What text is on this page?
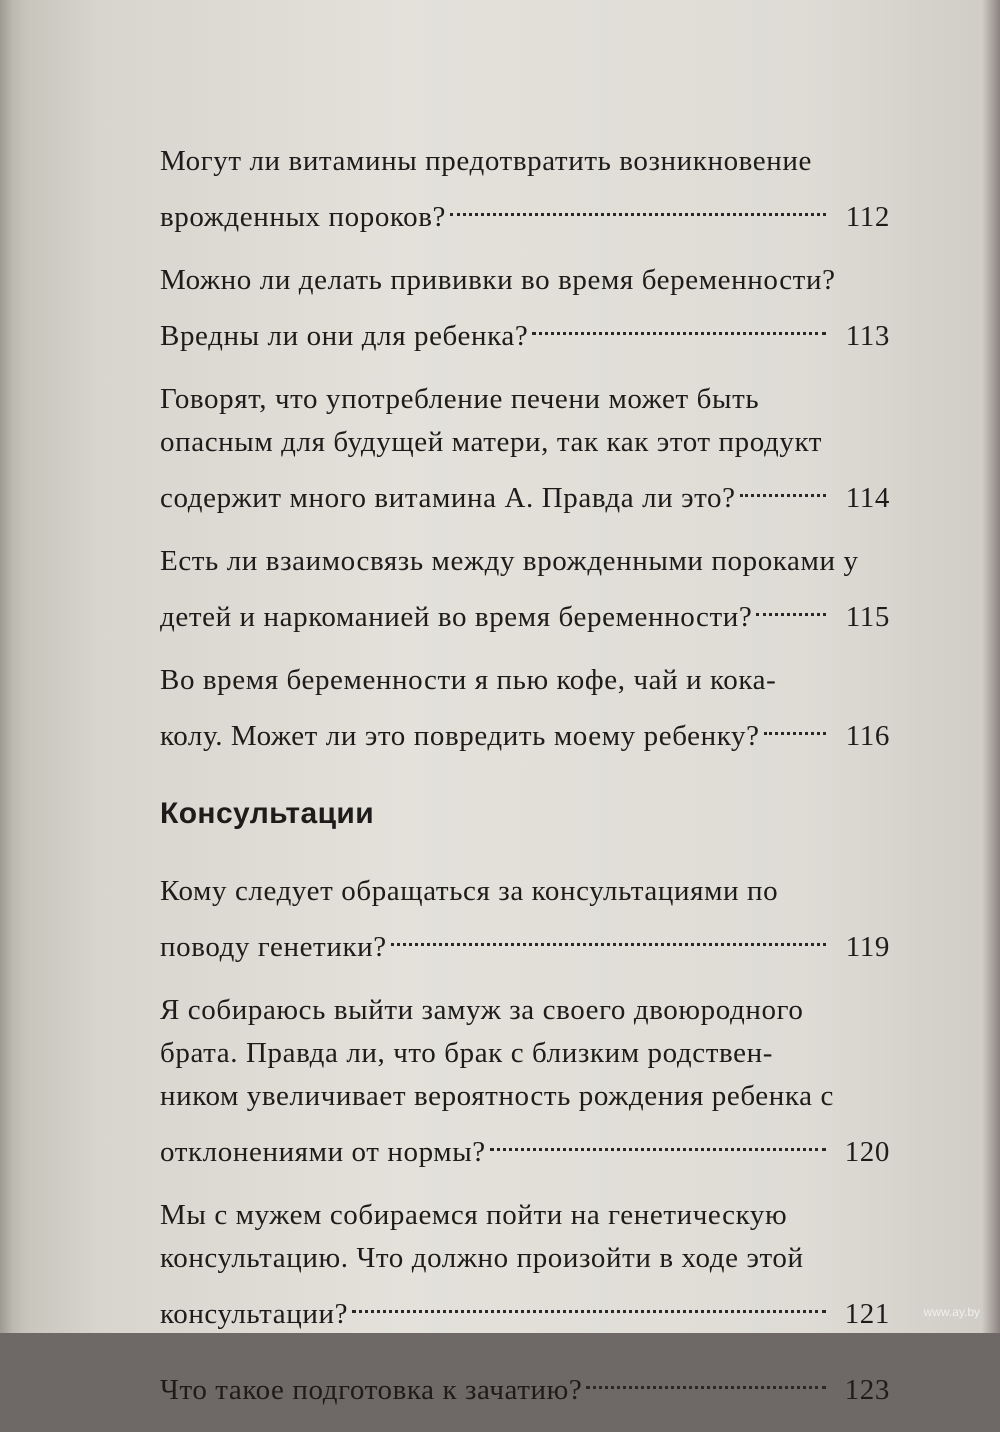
Могут ли витамины предотвратить возникновение
врожденных пороков?	112
Можно ли делать прививки во время беременности?
Вредны ли они для ребенка?	113
Говорят, что употребление печени может быть
опасным для будущей матери, так как этот продукт
содержит много витамина А. Правда ли это?	114
Есть ли взаимосвязь между врожденными пороками у
детей и наркоманией во время беременности?	115
Во время беременности я пью кофе, чай и кока-
колу. Может ли это повредить моему ребенку?	116
Консультации
Кому следует обращаться за консультациями по
поводу генетики?	119
Я собираюсь выйти замуж за своего двоюродного
брата. Правда ли, что брак с близким родствен-
ником увеличивает вероятность рождения ребенка с
отклонениями от нормы?	120
Мы с мужем собираемся пойти на генетическую
консультацию. Что должно произойти в ходе этой
консультации?	121
Что такое подготовка к зачатию?	123
www.ay.by
